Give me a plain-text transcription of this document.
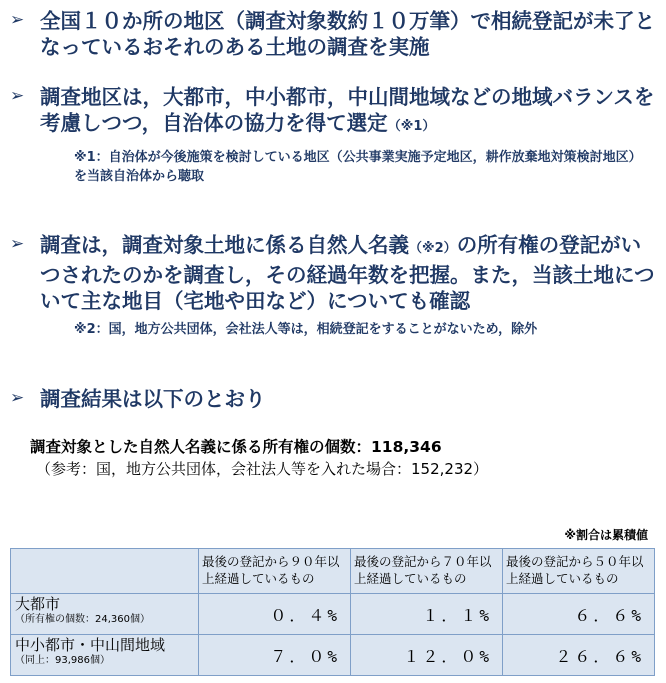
➢ 全国１０か所の地区（調査対象数約１０万筆）で相続登記が未了となっているおそれのある土地の調査を実施
➢ 調査地区は，大都市，中小都市，中山間地域などの地域バランスを考慮しつつ，自治体の協力を得て選定（※1）
※1：自治体が今後施策を検討している地区（公共事業実施予定地区，耕作放棄地対策検討地区）を当該自治体から聴取
➢ 調査は，調査対象土地に係る自然人名義（※2）の所有権の登記がいつされたのかを調査し，その経過年数を把握。また，当該土地について主な地目（宅地や田など）についても確認
※2：国，地方公共団体，会社法人等は，相続登記をすることがないため，除外
➢ 調査結果は以下のとおり
調査対象とした自然人名義に係る所有権の個数：118,346
（参考：国，地方公共団体，会社法人等を入れた場合：152,232）
※割合は累積値
	最後の登記から９０年以上経過しているもの	最後の登記から７０年以上経過しているもの	最後の登記から５０年以上経過しているもの
大都市
（所有権の個数：24,360個）	０．４%	１．１%	６．６%
中小都市・中山間地域
（同上：93,986個）	７．０%	１２．０%	２６．６%
